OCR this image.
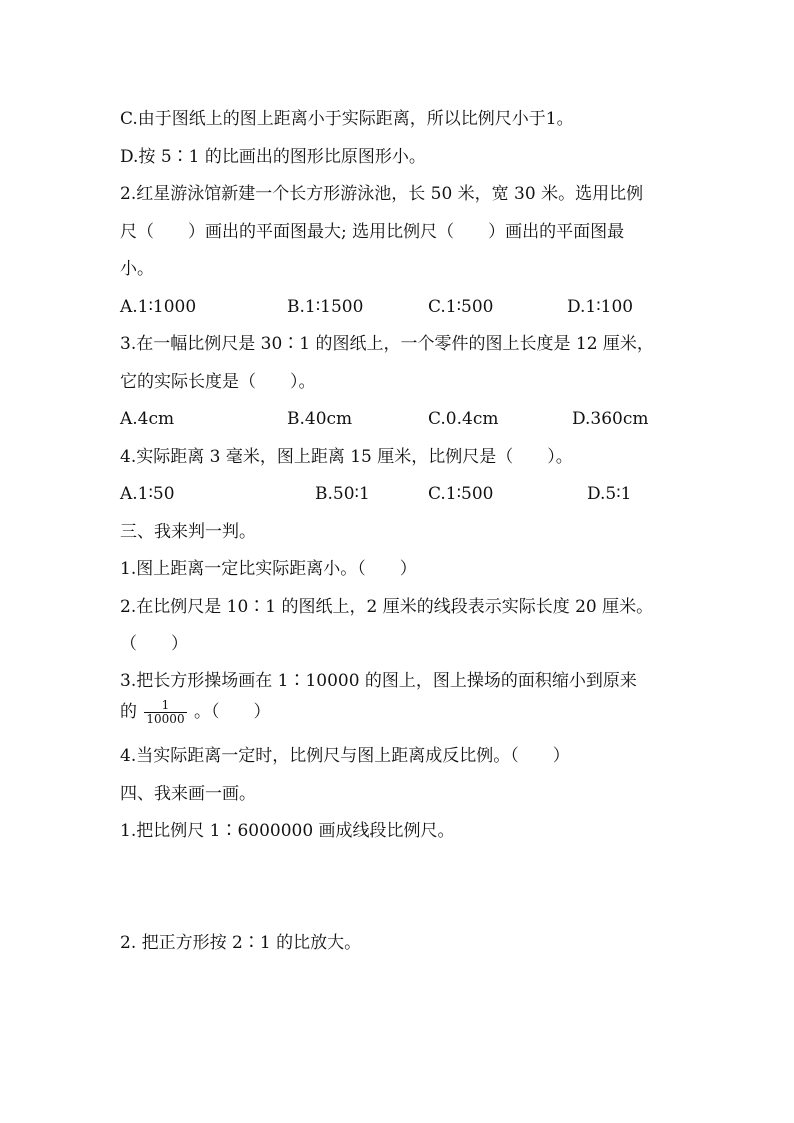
C.由于图纸上的图上距离小于实际距离，所以比例尺小于1。
D.按 5∶1 的比画出的图形比原图形小。
2.红星游泳馆新建一个长方形游泳池，长 50 米，宽 30 米。选用比例
尺（　　）画出的平面图最大; 选用比例尺（　　）画出的平面图最
小。
A.1∶1000	B.1∶1500	C.1∶500	D.1∶100
3.在一幅比例尺是 30∶1 的图纸上，一个零件的图上长度是 12 厘米，
它的实际长度是（　　）。
A.4cm	B.40cm	C.0.4cm	D.360cm
4.实际距离 3 毫米，图上距离 15 厘米，比例尺是（　　）。
A.1∶50	B.50∶1	C.1∶500	D.5∶1
三、我来判一判。
1.图上距离一定比实际距离小。（　　）
2.在比例尺是 10∶1 的图纸上，2 厘米的线段表示实际长度 20 厘米。
（　　）
3.把长方形操场画在 1∶10000 的图上，图上操场的面积缩小到原来
的 $\frac{1}{10000}$ 。（　　）
4.当实际距离一定时，比例尺与图上距离成反比例。（　　）
四、我来画一画。
1.把比例尺 1∶6000000 画成线段比例尺。
2. 把正方形按 2∶1 的比放大。
